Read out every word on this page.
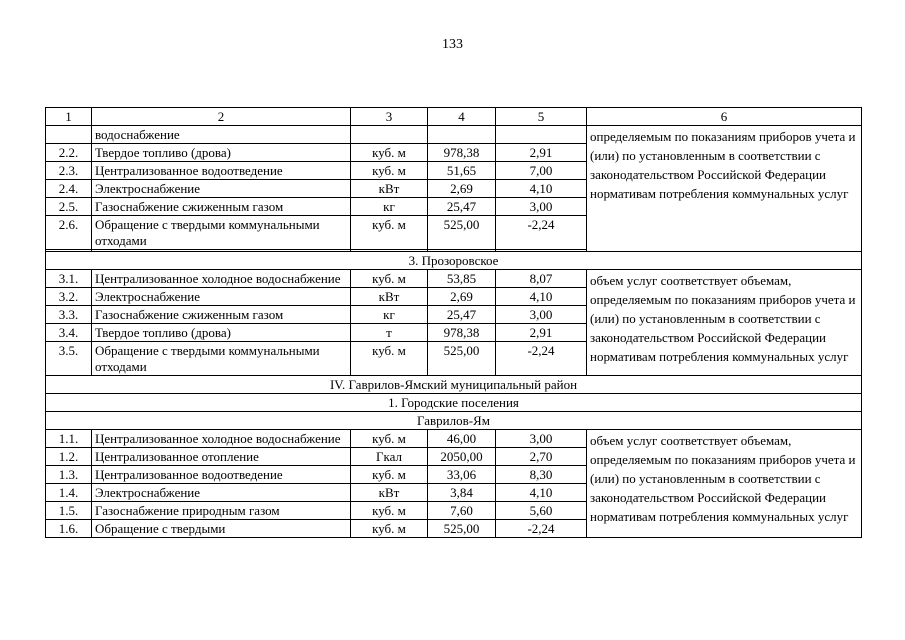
133
1	2	3	4	5	6
	водоснабжение				определяемым по показаниям приборов учета и (или) по установленным в соответствии с законодательством Российской Федерации нормативам потребления коммунальных услуг
2.2.	Твердое топливо (дрова)	куб. м	978,38	2,91	
2.3.	Централизованное водоотведение	куб. м	51,65	7,00	
2.4.	Электроснабжение	кВт	2,69	4,10	
2.5.	Газоснабжение сжиженным газом	кг	25,47	3,00	
2.6.	Обращение с твердыми коммунальными отходами	куб. м	525,00	-2,24	

3. Прозоровское					
3.1.	Централизованное холодное водоснабжение	куб. м	53,85	8,07	объем услуг соответствует объемам, определяемым по показаниям приборов учета и (или) по установленным в соответствии с законодательством Российской Федерации нормативам потребления коммунальных услуг
3.2.	Электроснабжение	кВт	2,69	4,10	
3.3.	Газоснабжение сжиженным газом	кг	25,47	3,00	
3.4.	Твердое топливо (дрова)	т	978,38	2,91	
3.5.	Обращение с твердыми коммунальными отходами	куб. м	525,00	-2,24	
IV. Гаврилов-Ямский муниципальный район					
1. Городские поселения					
Гаврилов-Ям					
1.1.	Централизованное холодное водоснабжение	куб. м	46,00	3,00	объем услуг соответствует объемам, определяемым по показаниям приборов учета и (или) по установленным в соответствии с законодательством Российской Федерации нормативам потребления коммунальных услуг
1.2.	Централизованное отопление	Гкал	2050,00	2,70	
1.3.	Централизованное водоотведение	куб. м	33,06	8,30	
1.4.	Электроснабжение	кВт	3,84	4,10	
1.5.	Газоснабжение природным газом	куб. м	7,60	5,60	
1.6.	Обращение с твердыми	куб. м	525,00	-2,24	
